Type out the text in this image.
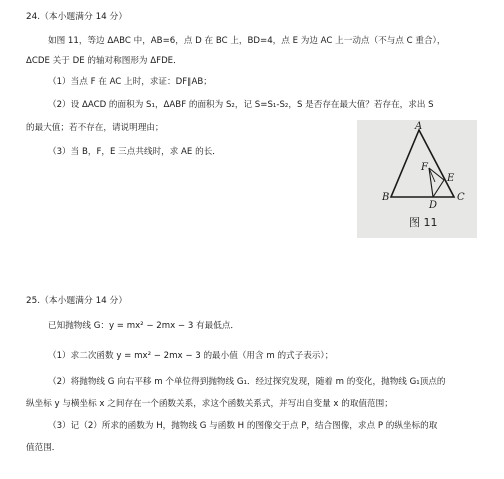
24.（本小题满分 14 分）
如图 11，等边 ΔABC 中，AB=6，点 D 在 BC 上，BD=4，点 E 为边 AC 上一动点（不与点 C 重合），
ΔCDE 关于 DE 的轴对称图形为 ΔFDE．
（1）当点 F 在 AC 上时，求证：DF∥AB；
（2）设 ΔACD 的面积为 S₁，ΔABF 的面积为 S₂，记 S=S₁-S₂，S 是否存在最大值？若存在，求出 S
的最大值；若不存在，请说明理由；
（3）当 B，F，E 三点共线时，求 AE 的长．
A
B	C
D
E
F
图 11
25.（本小题满分 14 分）
已知抛物线 G：y = mx² − 2mx − 3 有最低点．
（1）求二次函数 y = mx² − 2mx − 3 的最小值（用含 m 的式子表示）；
（2）将抛物线 G 向右平移 m 个单位得到抛物线 G₁．经过探究发现，随着 m 的变化，抛物线 G₁顶点的
纵坐标 y 与横坐标 x 之间存在一个函数关系，求这个函数关系式，并写出自变量 x 的取值范围；
（3）记（2）所求的函数为 H，抛物线 G 与函数 H 的图像交于点 P，结合图像，求点 P 的纵坐标的取
值范围．
